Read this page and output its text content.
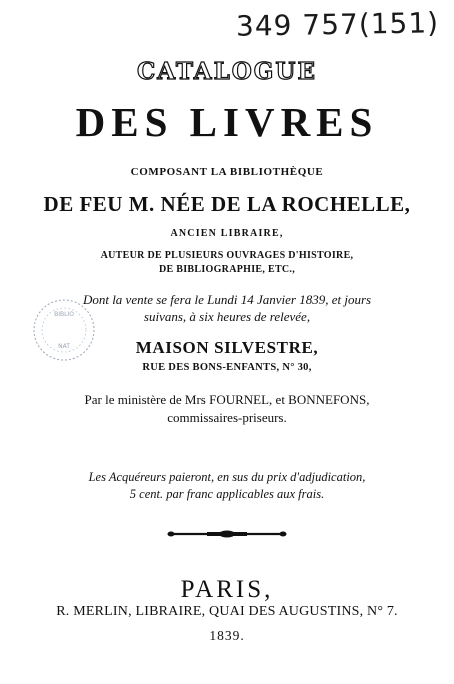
349 757(151)
CATALOGUE
DES LIVRES
COMPOSANT LA BIBLIOTHÈQUE
DE FEU M. NÉE DE LA ROCHELLE,
ANCIEN LIBRAIRE,
AUTEUR DE PLUSIEURS OUVRAGES D'HISTOIRE,
DE BIBLIOGRAPHIE, ETC.,
BIBLIO
NAT
Dont la vente se fera le Lundi 14 Janvier 1839, et jours
suivans, à six heures de relevée,
MAISON SILVESTRE,
RUE DES BONS-ENFANTS, N° 30,
Par le ministère de Mrs FOURNEL, et BONNEFONS,
commissaires-priseurs.
Les Acquéreurs paieront, en sus du prix d'adjudication,
5 cent. par franc applicables aux frais.
PARIS,
R. MERLIN, LIBRAIRE, QUAI DES AUGUSTINS, N° 7.
1839.
